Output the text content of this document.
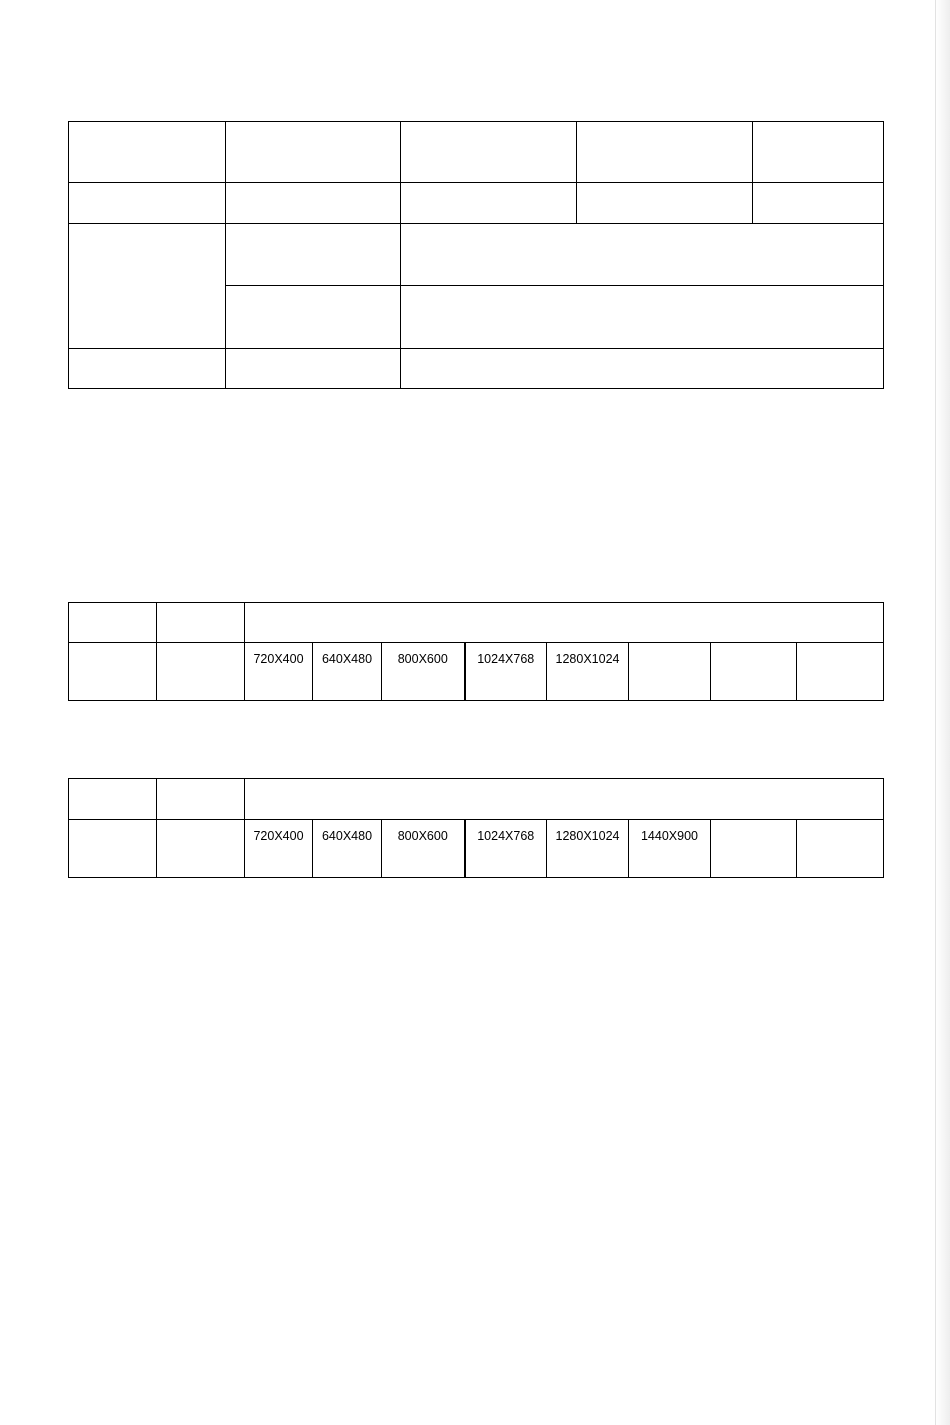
		720X400	640X480	800X600	1024X768	1280X1024			

		720X400	640X480	800X600	1024X768	1280X1024	1440X900		
